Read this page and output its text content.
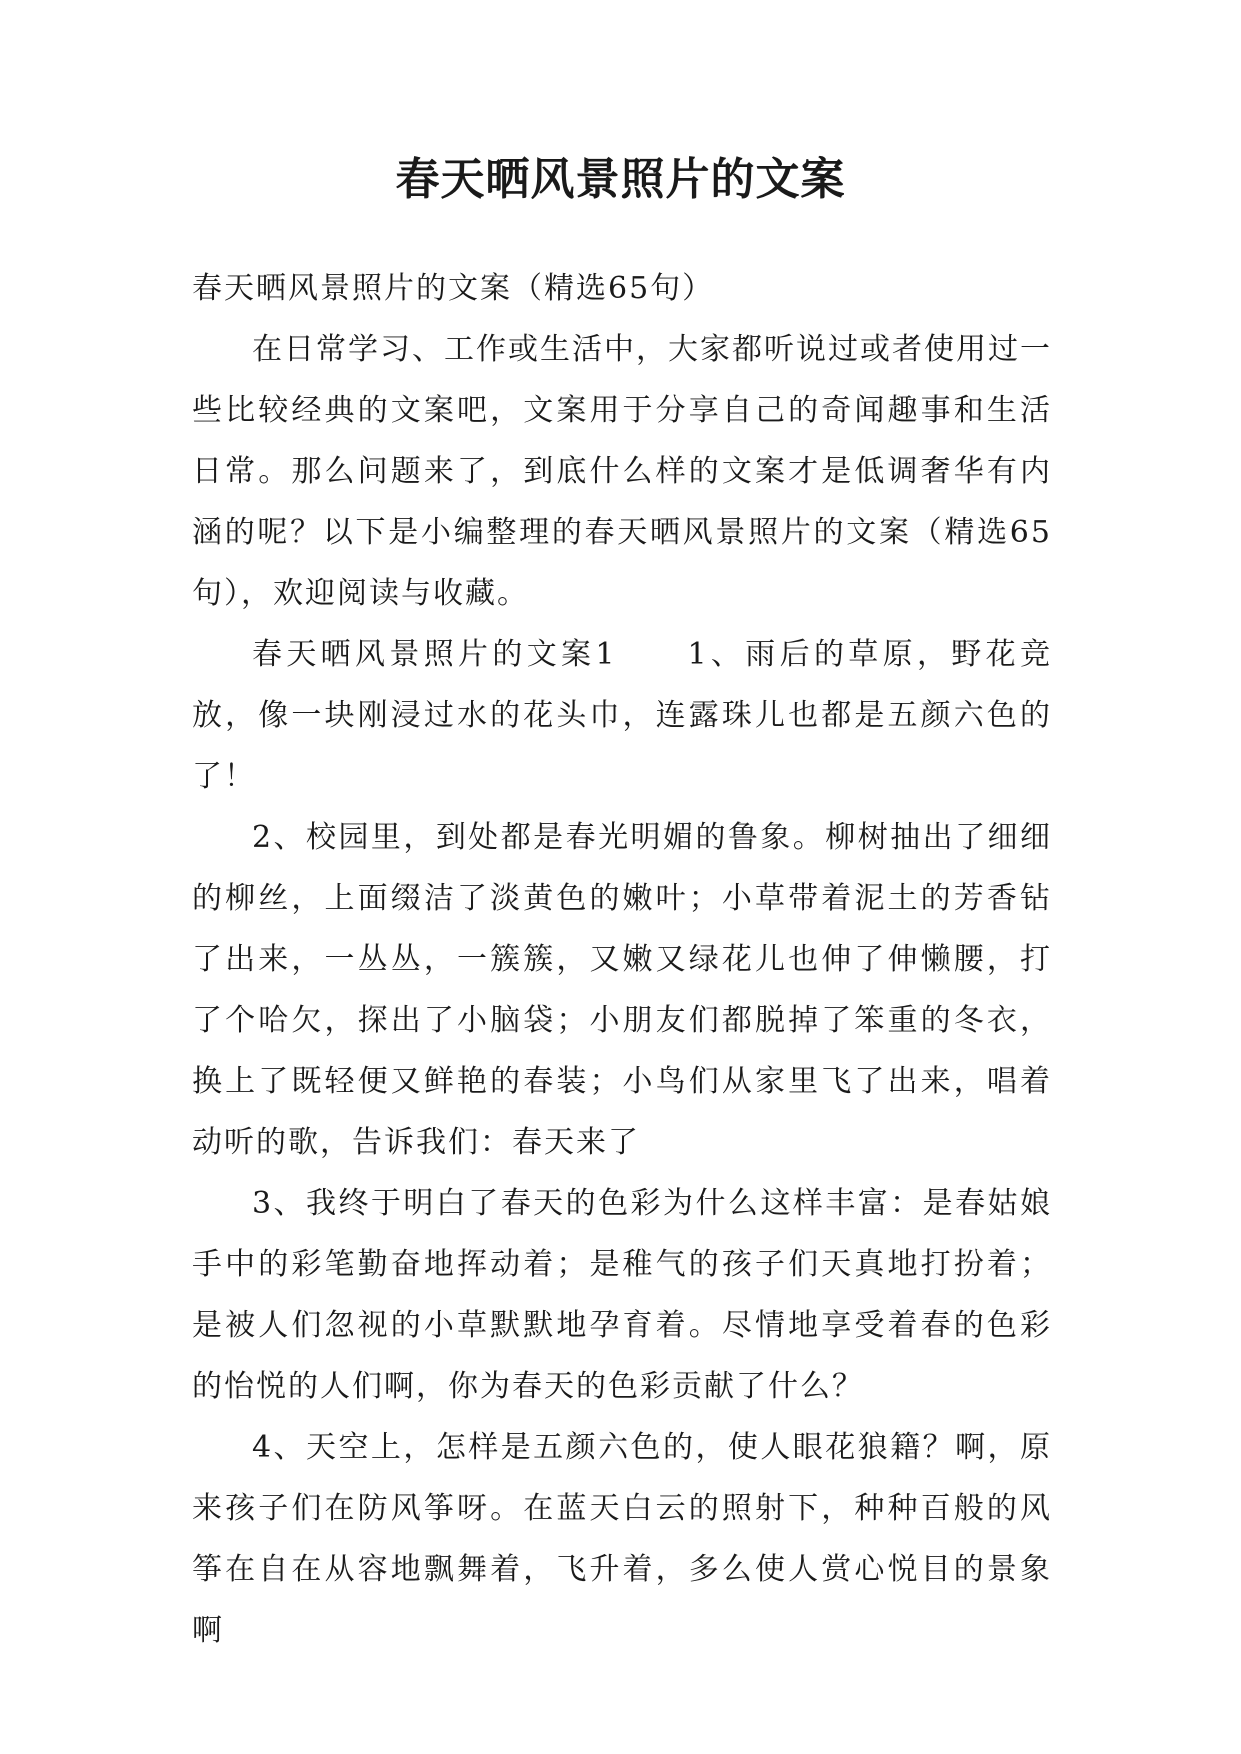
春天晒风景照片的文案

春天晒风景照片的文案（精选65句）

在日常学习、工作或生活中，大家都听说过或者使用过一些比较经典的文案吧，文案用于分享自己的奇闻趣事和生活日常。那么问题来了，到底什么样的文案才是低调奢华有内涵的呢？以下是小编整理的春天晒风景照片的文案（精选65句），欢迎阅读与收藏。

春天晒风景照片的文案1　　1、雨后的草原，野花竞放，像一块刚浸过水的花头巾，连露珠儿也都是五颜六色的了！

2、校园里，到处都是春光明媚的鲁象。柳树抽出了细细的柳丝，上面缀洁了淡黄色的嫩叶；小草带着泥土的芳香钻了出来，一丛丛，一簇簇，又嫩又绿花儿也伸了伸懒腰，打了个哈欠，探出了小脑袋；小朋友们都脱掉了笨重的冬衣，换上了既轻便又鲜艳的春装；小鸟们从家里飞了出来，唱着动听的歌，告诉我们：春天来了

3、我终于明白了春天的色彩为什么这样丰富：是春姑娘手中的彩笔勤奋地挥动着；是稚气的孩子们天真地打扮着；是被人们忽视的小草默默地孕育着。尽情地享受着春的色彩的怡悦的人们啊，你为春天的色彩贡献了什么？

4、天空上，怎样是五颜六色的，使人眼花狼籍？啊，原来孩子们在防风筝呀。在蓝天白云的照射下，种种百般的风筝在自在从容地飘舞着，飞升着，多么使人赏心悦目的景象啊
